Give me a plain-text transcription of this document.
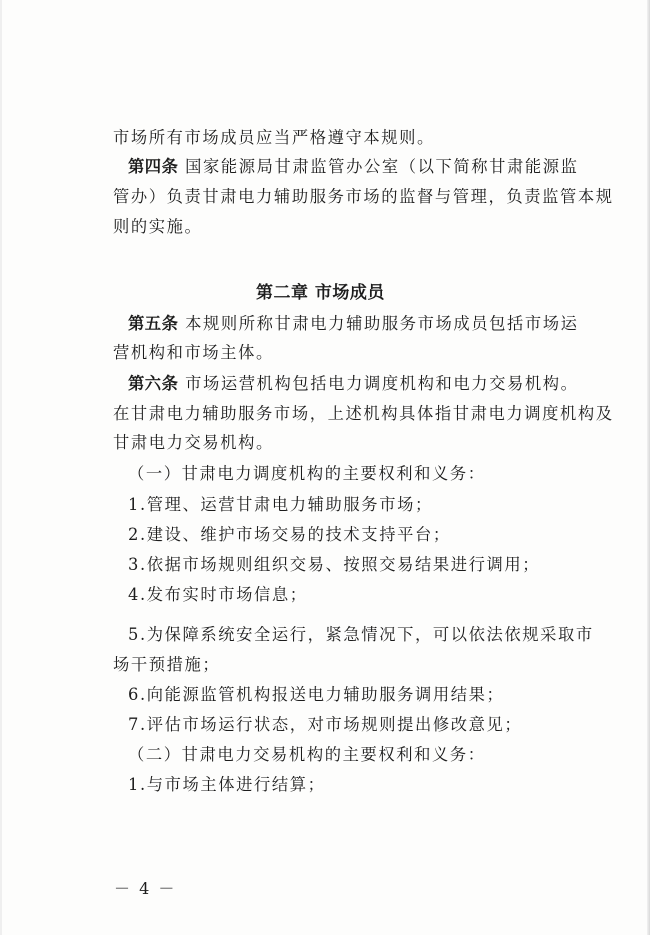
市场所有市场成员应当严格遵守本规则。
第四条 国家能源局甘肃监管办公室（以下简称甘肃能源监
管办）负责甘肃电力辅助服务市场的监督与管理，负责监管本规
则的实施。
第二章 市场成员
第五条 本规则所称甘肃电力辅助服务市场成员包括市场运
营机构和市场主体。
第六条 市场运营机构包括电力调度机构和电力交易机构。
在甘肃电力辅助服务市场，上述机构具体指甘肃电力调度机构及
甘肃电力交易机构。
（一）甘肃电力调度机构的主要权利和义务：
1.管理、运营甘肃电力辅助服务市场；
2.建设、维护市场交易的技术支持平台；
3.依据市场规则组织交易、按照交易结果进行调用；
4.发布实时市场信息；
5.为保障系统安全运行，紧急情况下，可以依法依规采取市
场干预措施；
6.向能源监管机构报送电力辅助服务调用结果；
7.评估市场运行状态，对市场规则提出修改意见；
（二）甘肃电力交易机构的主要权利和义务：
1.与市场主体进行结算；
－ 4 －
